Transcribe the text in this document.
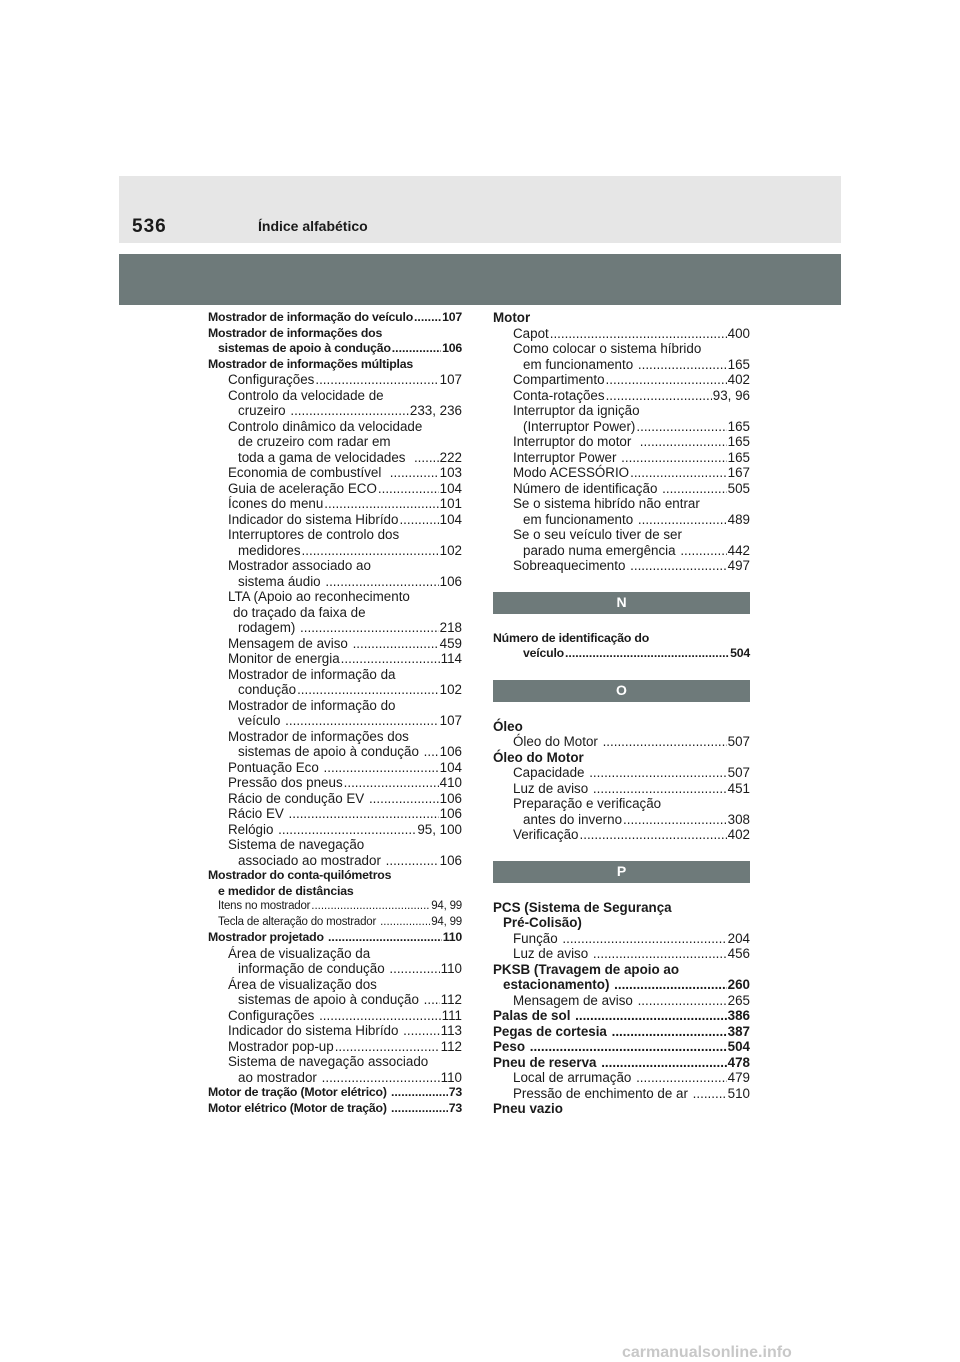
536	Índice alfabético
Mostrador de informação do veículo ..... 107
Mostrador de informações dos
sistemas de apoio à condução .....	106
Mostrador de informações múltiplas
Configurações .....	107
Controlo da velocidade de
cruzeiro .....	233, 236
Controlo dinâmico da velocidade
de cruzeiro com radar em
toda a gama de velocidades ..... 222
Economia de combustível .....	103
Guia de aceleração ECO .....	104
Ícones do menu .....	101
Indicador do sistema Hibrído .....	104
Interruptores de controlo dos
medidores .....	102
Mostrador associado ao
sistema áudio .....	106
LTA (Apoio ao reconhecimento
do traçado da faixa de
rodagem) .....	218
Mensagem de aviso .....	459
Monitor de energia .....	114
Mostrador de informação da
condução .....	102
Mostrador de informação do
veículo .....	107
Mostrador de informações dos
sistemas de apoio à condução ..... 106
Pontuação Eco .....	104
Pressão dos pneus .....	410
Rácio de condução EV .....	106
Rácio EV .....	106
Relógio .....	95, 100
Sistema de navegação
associado ao mostrador .....	106
Mostrador do conta-quilómetros
e medidor de distâncias
Itens no mostrador .....	94, 99
Tecla de alteração do mostrador .....	94, 99
Mostrador projetado .....	110
Área de visualização da
informação de condução .....	110
Área de visualização dos
sistemas de apoio à condução ..... 112
Configurações .....	111
Indicador do sistema Hibrído .....	113
Mostrador pop-up .....	112
Sistema de navegação associado
ao mostrador .....	110
Motor de tração (Motor elétrico) .....	73
Motor elétrico (Motor de tração) .....	73
Motor
Capot .....	400
Como colocar o sistema híbrido
em funcionamento .....	165
Compartimento .....	402
Conta-rotações .....	93, 96
Interruptor da ignição
(Interruptor Power) .....	165
Interruptor do motor .....	165
Interruptor Power .....	165
Modo ACESSÓRIO .....	167
Número de identificação .....	505
Se o sistema hibrído não entrar
em funcionamento .....	489
Se o seu veículo tiver de ser
parado numa emergência .....	442
Sobreaquecimento .....	497
N
Número de identificação do
veículo .....	504
O
Óleo
Óleo do Motor .....	507
Óleo do Motor
Capacidade .....	507
Luz de aviso .....	451
Preparação e verificação
antes do inverno .....	308
Verificação .....	402
P
PCS (Sistema de Segurança
Pré-Colisão)
Função .....	204
Luz de aviso .....	456
PKSB (Travagem de apoio ao
estacionamento) .....	260
Mensagem de aviso .....	265
Palas de sol .....	386
Pegas de cortesia .....	387
Peso .....	504
Pneu de reserva .....	478
Local de arrumação .....	479
Pressão de enchimento de ar .....	510
Pneu vazio
carmanualsonline.info
